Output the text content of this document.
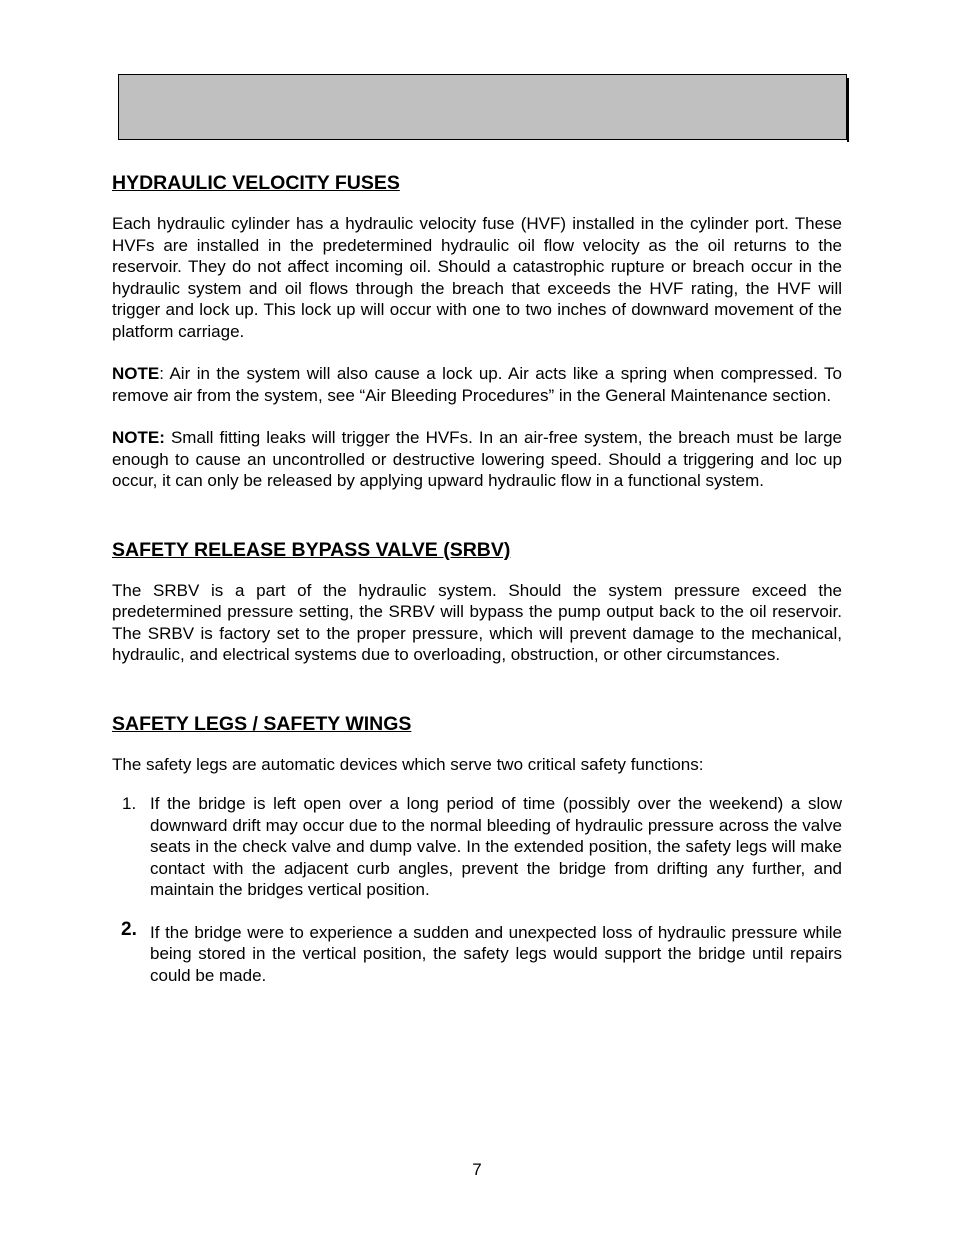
HYDRAULIC VELOCITY FUSES

Each hydraulic cylinder has a hydraulic velocity fuse (HVF) installed in the cylinder port. These HVFs are installed in the predetermined hydraulic oil flow velocity as the oil returns to the reservoir. They do not affect incoming oil. Should a catastrophic rupture or breach occur in the hydraulic system and oil flows through the breach that exceeds the HVF rating, the HVF will trigger and lock up. This lock up will occur with one to two inches of downward movement of the platform carriage.

NOTE: Air in the system will also cause a lock up. Air acts like a spring when compressed. To remove air from the system, see “Air Bleeding Procedures” in the General Maintenance section.

NOTE: Small fitting leaks will trigger the HVFs. In an air-free system, the breach must be large enough to cause an uncontrolled or destructive lowering speed. Should a triggering and loc up occur, it can only be released by applying upward hydraulic flow in a functional system.

SAFETY RELEASE BYPASS VALVE (SRBV)

The SRBV is a part of the hydraulic system. Should the system pressure exceed the predetermined pressure setting, the SRBV will bypass the pump output back to the oil reservoir. The SRBV is factory set to the proper pressure, which will prevent damage to the mechanical, hydraulic, and electrical systems due to overloading, obstruction, or other circumstances.

SAFETY LEGS / SAFETY WINGS

The safety legs are automatic devices which serve two critical safety functions:

1. If the bridge is left open over a long period of time (possibly over the weekend) a slow downward drift may occur due to the normal bleeding of hydraulic pressure across the valve seats in the check valve and dump valve. In the extended position, the safety legs will make contact with the adjacent curb angles, prevent the bridge from drifting any further, and maintain the bridges vertical position.
2. If the bridge were to experience a sudden and unexpected loss of hydraulic pressure while being stored in the vertical position, the safety legs would support the bridge until repairs could be made.
7
